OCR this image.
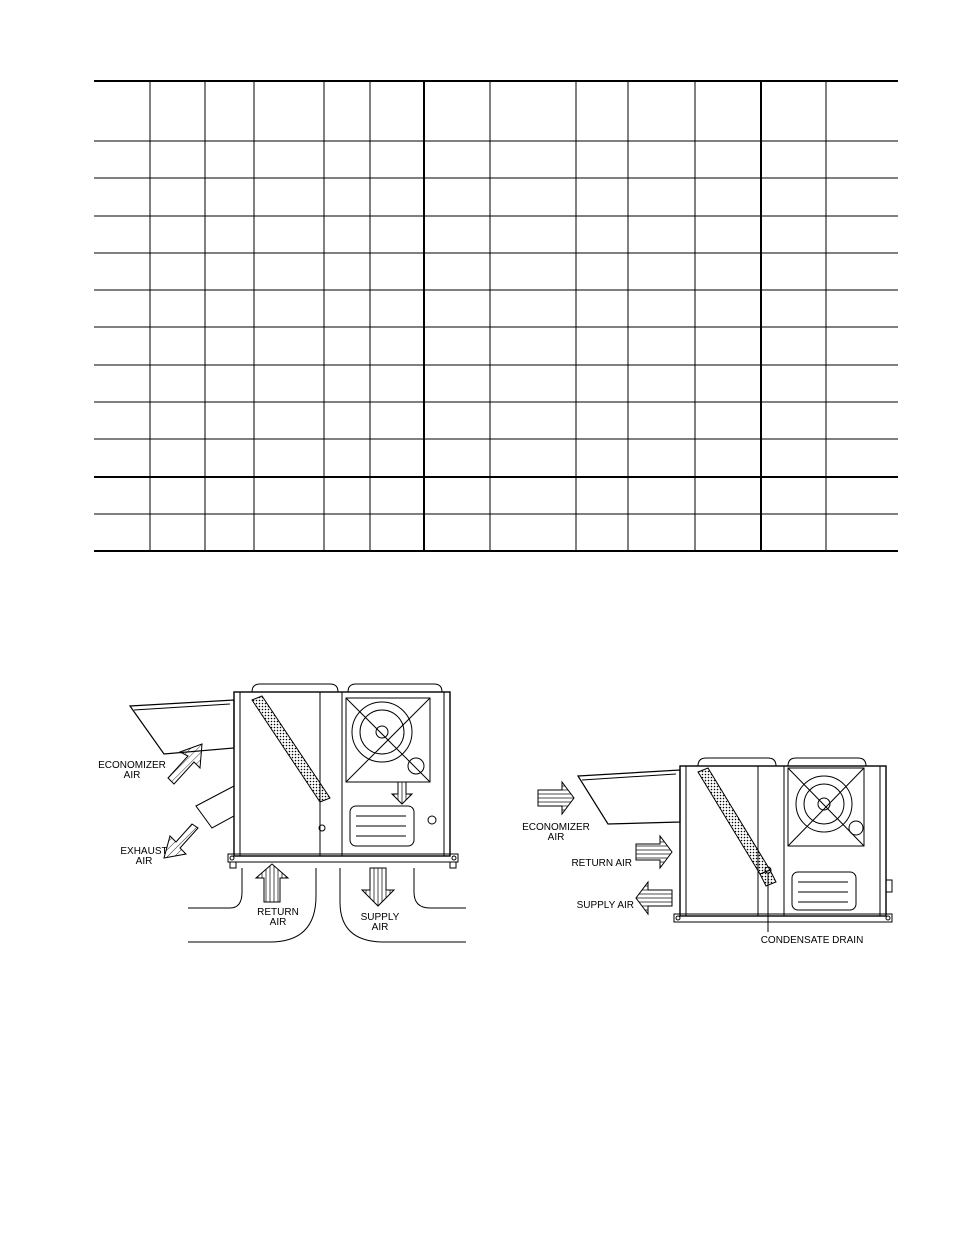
ECONOMIZER
AIR
EXHAUST
AIR
RETURN
AIR	SUPPLY
AIR
ECONOMIZER
AIR
RETURN AIR
SUPPLY AIR
CONDENSATE DRAIN
